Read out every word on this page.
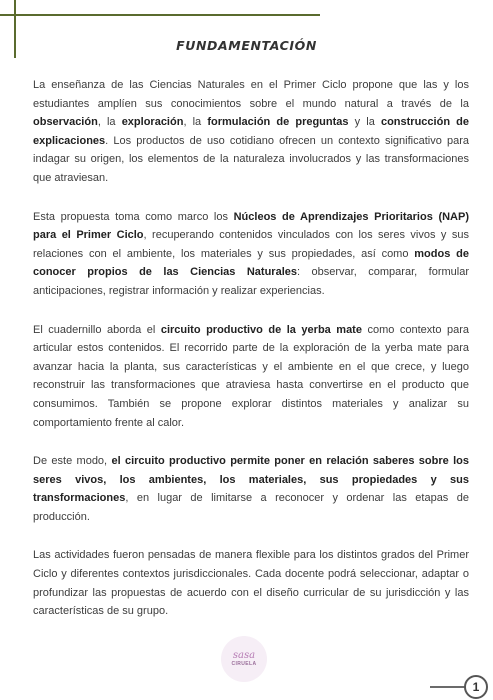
FUNDAMENTACIÓN

La enseñanza de las Ciencias Naturales en el Primer Ciclo propone que las y los estudiantes amplíen sus conocimientos sobre el mundo natural a través de la observación, la exploración, la formulación de preguntas y la construcción de explicaciones. Los productos de uso cotidiano ofrecen un contexto significativo para indagar su origen, los elementos de la naturaleza involucrados y las transformaciones que atraviesan.

Esta propuesta toma como marco los Núcleos de Aprendizajes Prioritarios (NAP) para el Primer Ciclo, recuperando contenidos vinculados con los seres vivos y sus relaciones con el ambiente, los materiales y sus propiedades, así como modos de conocer propios de las Ciencias Naturales: observar, comparar, formular anticipaciones, registrar información y realizar experiencias.

El cuadernillo aborda el circuito productivo de la yerba mate como contexto para articular estos contenidos. El recorrido parte de la exploración de la yerba mate para avanzar hacia la planta, sus características y el ambiente en el que crece, y luego reconstruir las transformaciones que atraviesa hasta convertirse en el producto que consumimos. También se propone explorar distintos materiales y analizar su comportamiento frente al calor.

De este modo, el circuito productivo permite poner en relación saberes sobre los seres vivos, los ambientes, los materiales, sus propiedades y sus transformaciones, en lugar de limitarse a reconocer y ordenar las etapas de producción.

Las actividades fueron pensadas de manera flexible para los distintos grados del Primer Ciclo y diferentes contextos jurisdiccionales. Cada docente podrá seleccionar, adaptar o profundizar las propuestas de acuerdo con el diseño curricular de su jurisdicción y las características de su grupo.

sasa
CIRUELA
1
